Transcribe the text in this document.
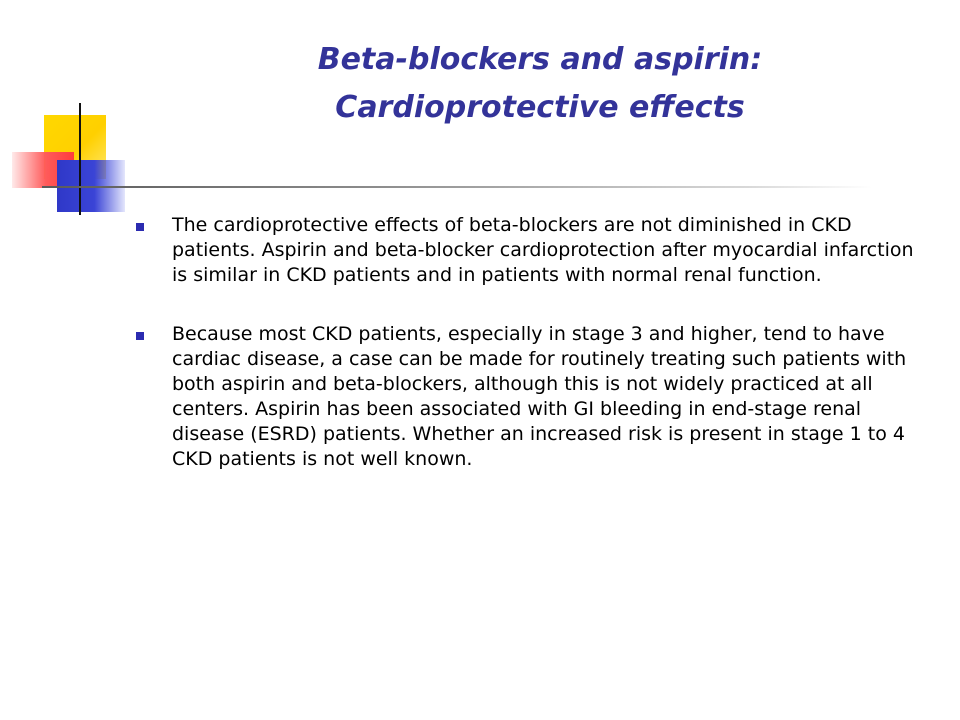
Beta-blockers and aspirin:
Cardioprotective effects
The cardioprotective effects of beta-blockers are not diminished in CKD patients. Aspirin and beta-blocker cardioprotection after myocardial infarction is similar in CKD patients and in patients with normal renal function.
Because most CKD patients, especially in stage 3 and higher, tend to have cardiac disease, a case can be made for routinely treating such patients with both aspirin and beta-blockers, although this is not widely practiced at all centers. Aspirin has been associated with GI bleeding in end-stage renal disease (ESRD) patients. Whether an increased risk is present in stage 1 to 4 CKD patients is not well known.
